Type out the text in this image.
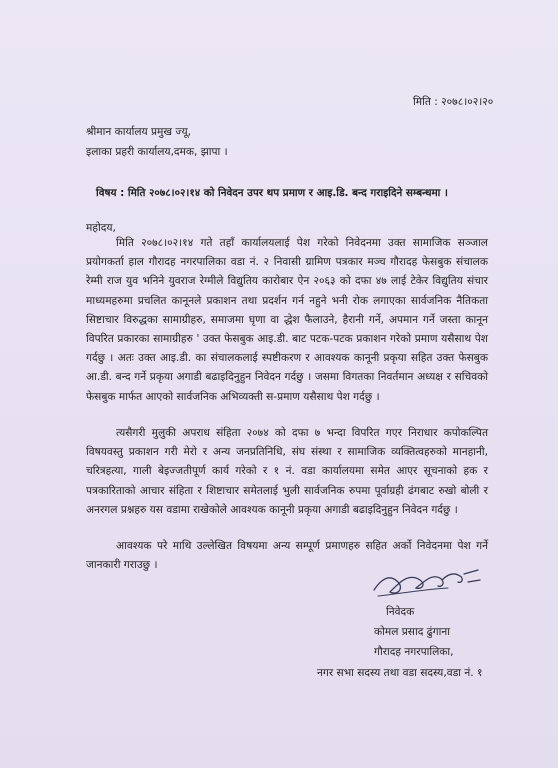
मिति : २०७८।०२।२०
श्रीमान कार्यालय प्रमुख ज्यू,
इलाका प्रहरी कार्यालय,दमक, झापा ।
विषय : मिति २०७८।०२।१४ को निवेदन उपर थप प्रमाण र आइ.डि. बन्द गराइदिने सम्बन्धमा ।
महोदय,
मिति २०७८।०२।१४ गते तहाँ कार्यालयलाई पेश गरेको निवेदनमा उक्त सामाजिक सञ्जाल प्रयोगकर्ता हाल गौरादह नगरपालिका वडा नं. २ निवासी ग्रामिण पत्रकार मञ्च गौरादह फेसबुक संचालक रेम्मी राज युव भनिने युवराज रेग्मीले विद्युतिय कारोबार ऐन २०६३ को दफा ४७ लाई टेकेर विद्युतिय संचार माध्यमहरुमा प्रचलित कानूनले प्रकाशन तथा प्रदर्शन गर्न नहुने भनी रोक लगाएका सार्वजनिक नैतिकता सिष्टाचार विरुद्धका सामाग्रीहरु, समाजमा घृणा वा द्धेश फैलाउने, हैरानी गर्ने, अपमान गर्ने जस्ता कानून विपरित प्रकारका सामाग्रीहरु ' उक्त फेसबुक आइ.डी. बाट पटक-पटक प्रकाशन गरेको प्रमाण यसैसाथ पेश गर्दछु । अतः उक्त आइ.डी. का संचालकलाई स्पष्टीकरण र आवश्यक कानूनी प्रकृया सहित उक्त फेसबुक आ.डी. बन्द गर्ने प्रकृया अगाडी बढाइदिनुहुन निवेदन गर्दछु । जसमा विगतका निवर्तमान अध्यक्ष र सचिवको फेसबुक मार्फत आएको सार्वजनिक अभिव्यक्ती स-प्रमाण यसैसाथ पेश गर्दछु ।
त्यसैगरी मुलुकी अपराध संहिता २०७४ को दफा ७ भन्दा विपरित गएर निराधार कपोकल्पित विषयवस्तु प्रकाशन गरी मेरो र अन्य जनप्रतिनिधि, संघ संस्था र सामाजिक व्यक्तित्वहरुको मानहानी, चरित्रहत्या, गाली बेइज्जतीपूर्ण कार्य गरेको र १ नं. वडा कार्यालयमा समेत आएर सूचनाको हक र पत्रकारिताको आचार संहिता र शिष्टाचार समेतलाई भुली सार्वजनिक रुपमा पूर्वाग्रही ढंगबाट रुखो बोली र अनरगल प्रश्नहरु यस वडामा राखेकोले आवश्यक कानूनी प्रकृया अगाडी बढाइदिनुहुन निवेदन गर्दछु ।
आवश्यक परे माथि उल्लेखित विषयमा अन्य सम्पूर्ण प्रमाणहरु सहित अर्को निवेदनमा पेश गर्ने जानकारी गराउछु ।
निवेदक
कोमल प्रसाद ढुंगाना
गौरादह नगरपालिका,
नगर सभा सदस्य तथा वडा सदस्य,वडा नं. १
